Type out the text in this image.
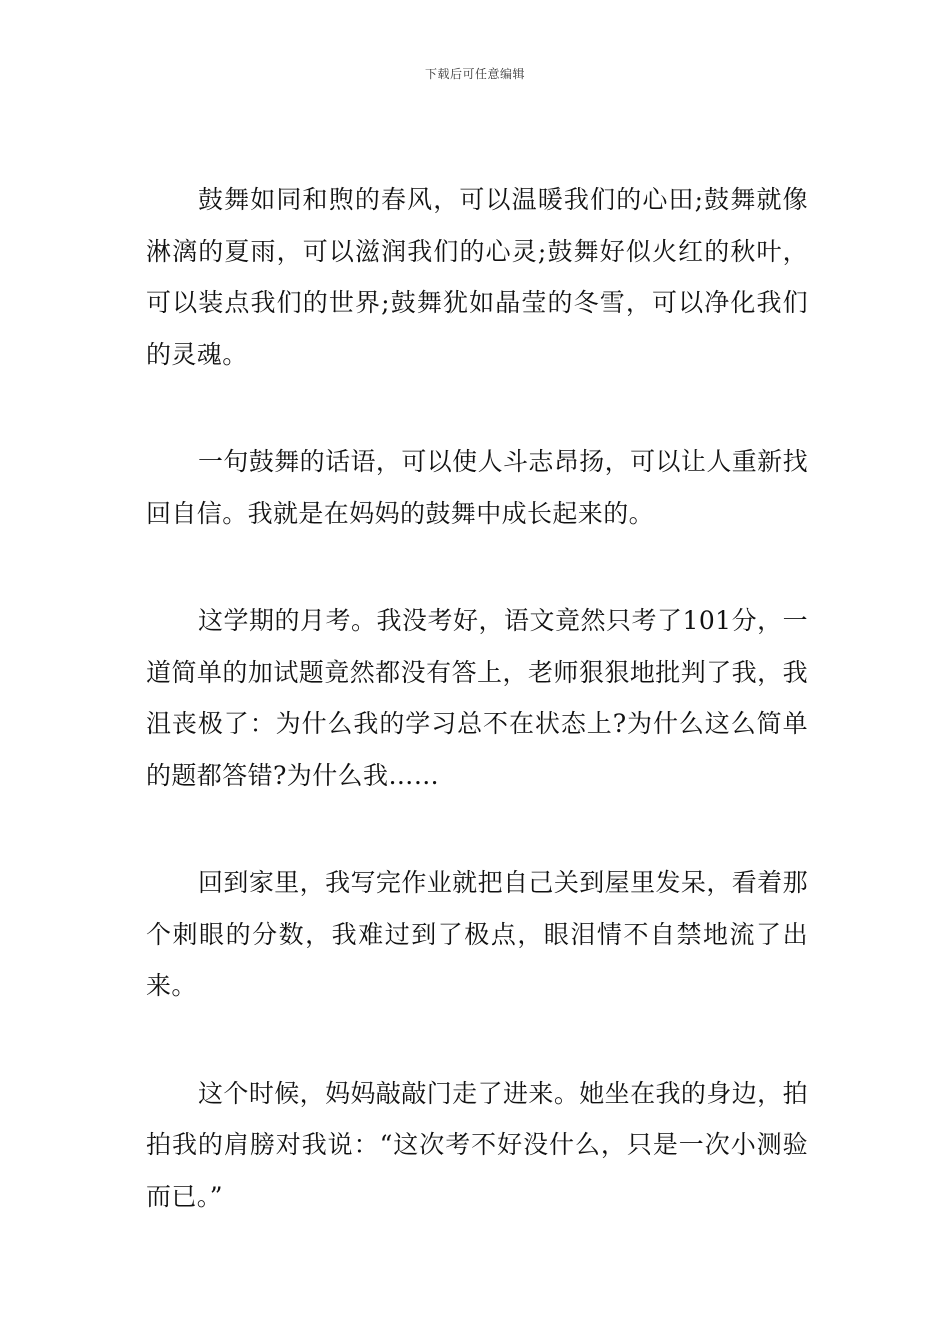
下载后可任意编辑

鼓舞如同和煦的春风，可以温暖我们的心田;鼓舞就像淋漓的夏雨，可以滋润我们的心灵;鼓舞好似火红的秋叶，可以装点我们的世界;鼓舞犹如晶莹的冬雪，可以净化我们的灵魂。

一句鼓舞的话语，可以使人斗志昂扬，可以让人重新找回自信。我就是在妈妈的鼓舞中成长起来的。

这学期的月考。我没考好，语文竟然只考了101分，一道简单的加试题竟然都没有答上，老师狠狠地批判了我，我沮丧极了：为什么我的学习总不在状态上?为什么这么简单的题都答错?为什么我……

回到家里，我写完作业就把自己关到屋里发呆，看着那个刺眼的分数，我难过到了极点，眼泪情不自禁地流了出来。

这个时候，妈妈敲敲门走了进来。她坐在我的身边，拍拍我的肩膀对我说：“这次考不好没什么，只是一次小测验而已。”
